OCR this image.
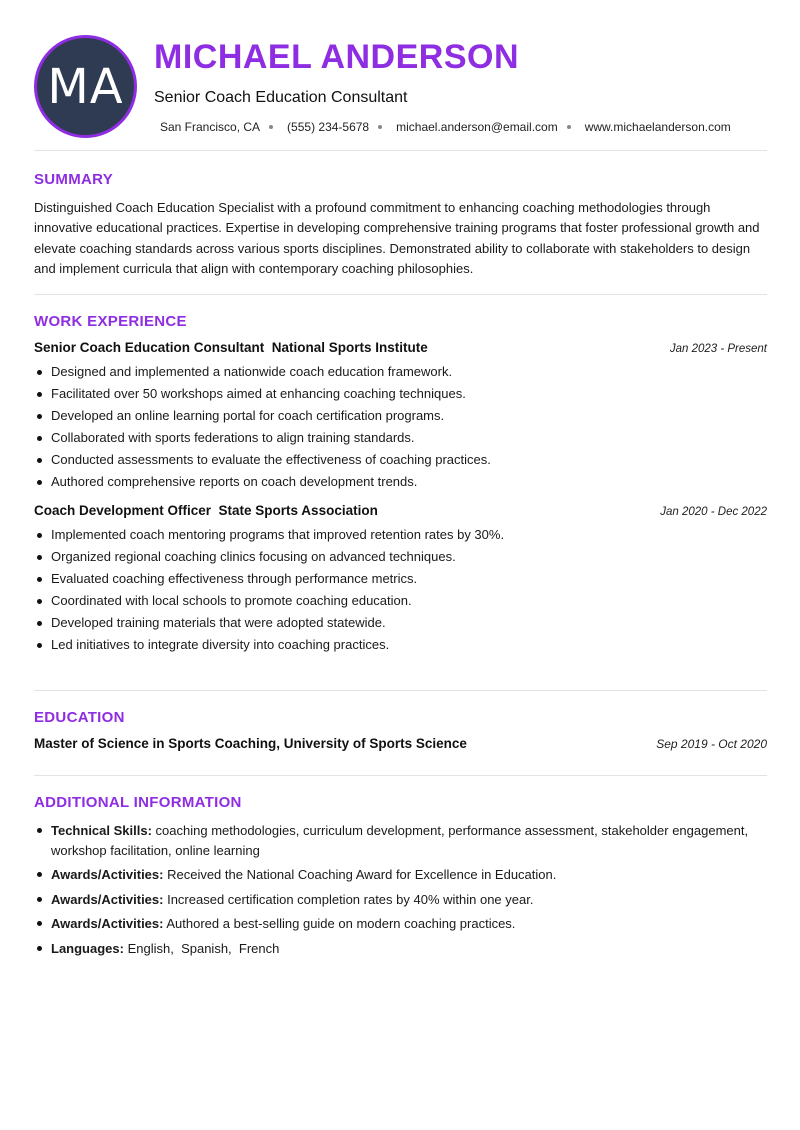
MA
MICHAEL ANDERSON
Senior Coach Education Consultant
San Francisco, CA (555) 234-5678 michael.anderson@email.com www.michaelanderson.com
SUMMARY

Distinguished Coach Education Specialist with a profound commitment to enhancing coaching methodologies through innovative educational practices. Expertise in developing comprehensive training programs that foster professional growth and elevate coaching standards across various sports disciplines. Demonstrated ability to collaborate with stakeholders to design and implement curricula that align with contemporary coaching philosophies.

WORK EXPERIENCE
Senior Coach Education Consultant  National Sports Institute	Jan 2023 - Present
Designed and implemented a nationwide coach education framework.
Facilitated over 50 workshops aimed at enhancing coaching techniques.
Developed an online learning portal for coach certification programs.
Collaborated with sports federations to align training standards.
Conducted assessments to evaluate the effectiveness of coaching practices.
Authored comprehensive reports on coach development trends.
Coach Development Officer  State Sports Association	Jan 2020 - Dec 2022
Implemented coach mentoring programs that improved retention rates by 30%.
Organized regional coaching clinics focusing on advanced techniques.
Evaluated coaching effectiveness through performance metrics.
Coordinated with local schools to promote coaching education.
Developed training materials that were adopted statewide.
Led initiatives to integrate diversity into coaching practices.
EDUCATION
Master of Science in Sports Coaching, University of Sports Science	Sep 2019 - Oct 2020
ADDITIONAL INFORMATION
Technical Skills: coaching methodologies, curriculum development, performance assessment, stakeholder engagement, workshop facilitation, online learning
Awards/Activities: Received the National Coaching Award for Excellence in Education.
Awards/Activities: Increased certification completion rates by 40% within one year.
Awards/Activities: Authored a best-selling guide on modern coaching practices.
Languages: English,  Spanish,  French
